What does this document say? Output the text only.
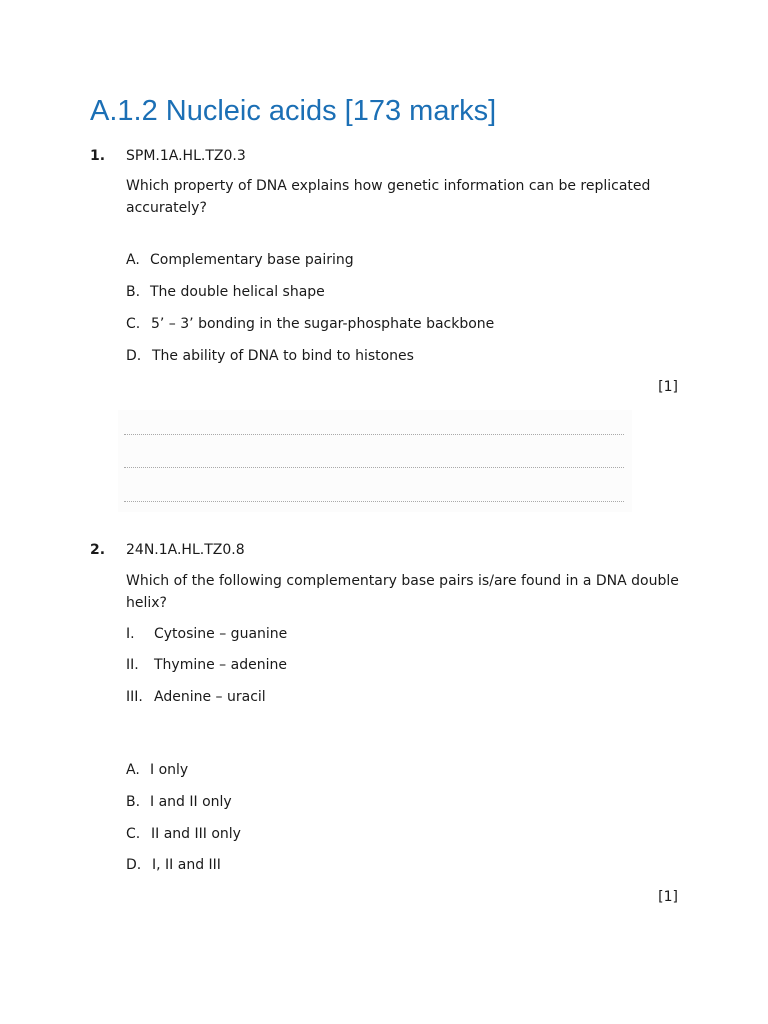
A.1.2 Nucleic acids [173 marks]
1. SPM.1A.HL.TZ0.3
Which property of DNA explains how genetic information can be replicated accurately?
A. Complementary base pairing
B. The double helical shape
C. 5’ – 3’ bonding in the sugar-phosphate backbone
D. The ability of DNA to bind to histones
[1]
2. 24N.1A.HL.TZ0.8
Which of the following complementary base pairs is/are found in a DNA double helix?
I. Cytosine – guanine
II. Thymine – adenine
III. Adenine – uracil
A. I only
B. I and II only
C. II and III only
D. I, II and III
[1]
